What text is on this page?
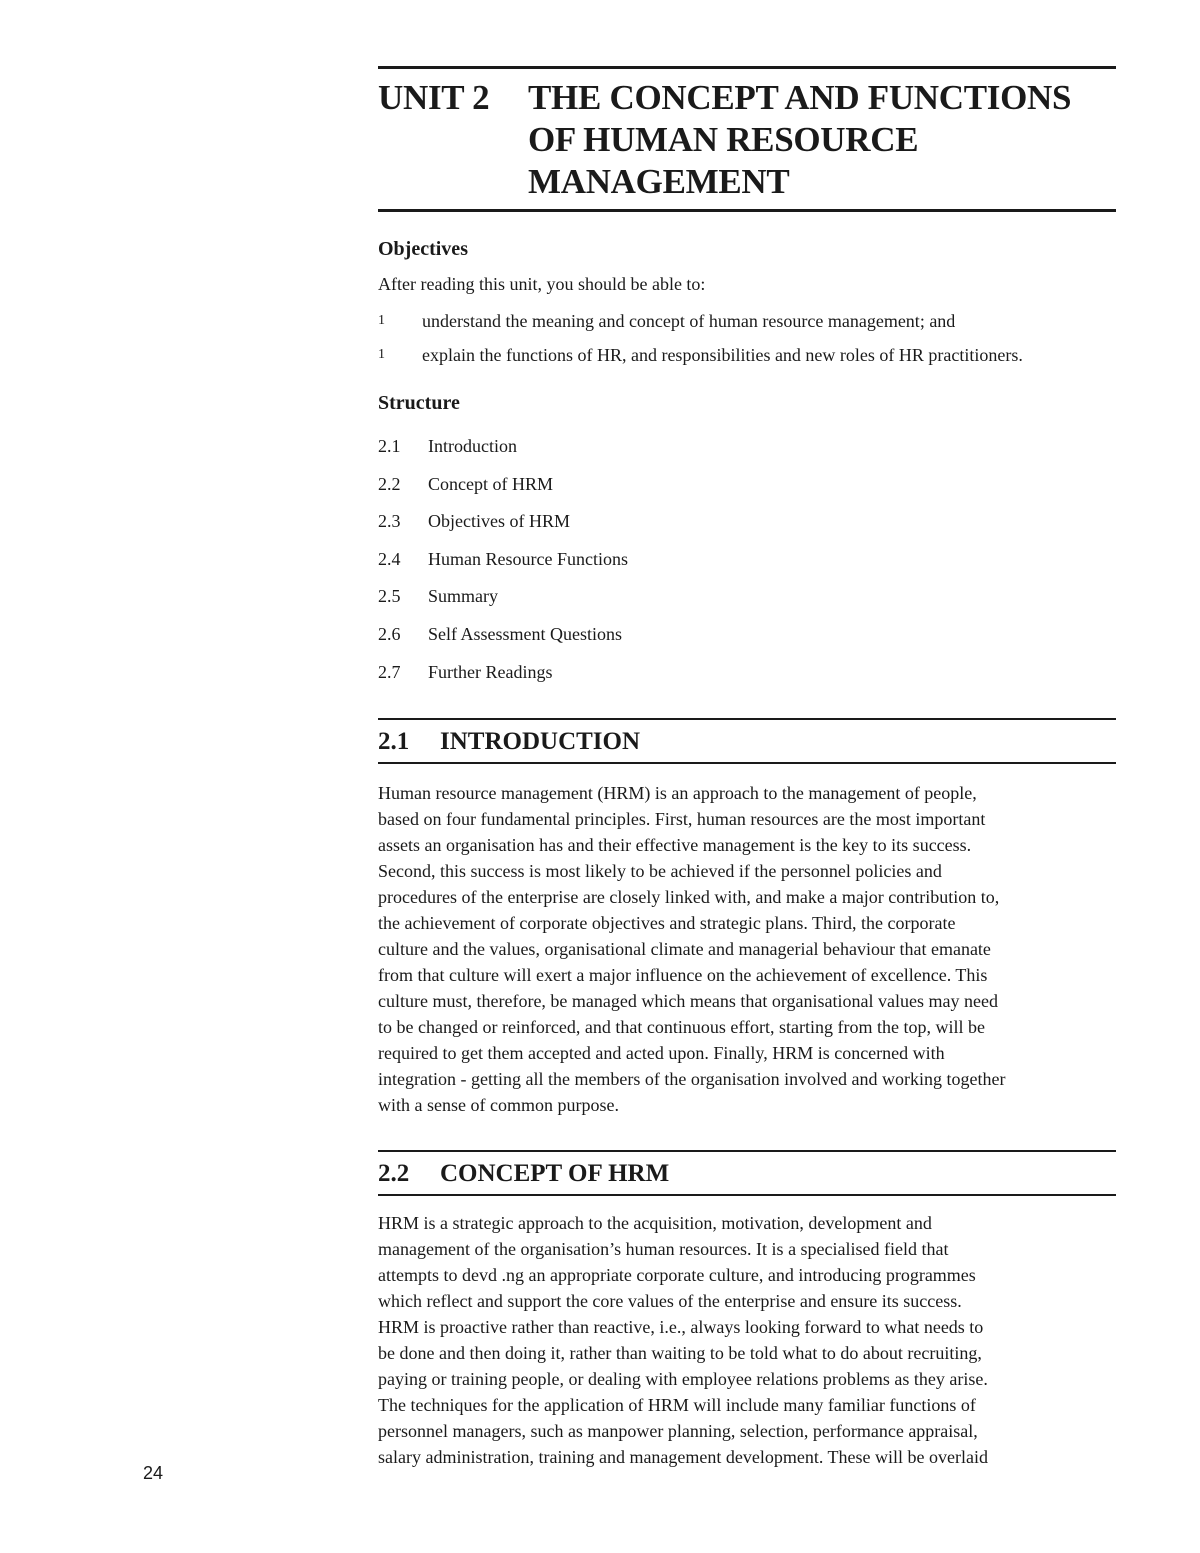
UNIT 2	THE CONCEPT AND FUNCTIONS
OF HUMAN RESOURCE
MANAGEMENT
Objectives
After reading this unit, you should be able to:
1	understand the meaning and concept of human resource management; and
1	explain the functions of HR, and responsibilities and new roles of HR practitioners.
Structure
2.1	Introduction
2.2	Concept of HRM
2.3	Objectives of HRM
2.4	Human Resource Functions
2.5	Summary
2.6	Self Assessment Questions
2.7	Further Readings
2.1	INTRODUCTION
Human resource management (HRM) is an approach to the management of people,
based on four fundamental principles. First, human resources are the most important
assets an organisation has and their effective management is the key to its success.
Second, this success is most likely to be achieved if the personnel policies and
procedures of the enterprise are closely linked with, and make a major contribution to,
the achievement of corporate objectives and strategic plans. Third, the corporate
culture and the values, organisational climate and managerial behaviour that emanate
from that culture will exert a major influence on the achievement of excellence. This
culture must, therefore, be managed which means that organisational values may need
to be changed or reinforced, and that continuous effort, starting from the top, will be
required to get them accepted and acted upon. Finally, HRM is concerned with
integration - getting all the members of the organisation involved and working together
with a sense of common purpose.
2.2	CONCEPT OF HRM
HRM is a strategic approach to the acquisition, motivation, development and
management of the organisation’s human resources. It is a specialised field that
attempts to devd .ng an appropriate corporate culture, and introducing programmes
which reflect and support the core values of the enterprise and ensure its success.
HRM is proactive rather than reactive, i.e., always looking forward to what needs to
be done and then doing it, rather than waiting to be told what to do about recruiting,
paying or training people, or dealing with employee relations problems as they arise.
The techniques for the application of HRM will include many familiar functions of
personnel managers, such as manpower planning, selection, performance appraisal,
salary administration, training and management development. These will be overlaid
24
